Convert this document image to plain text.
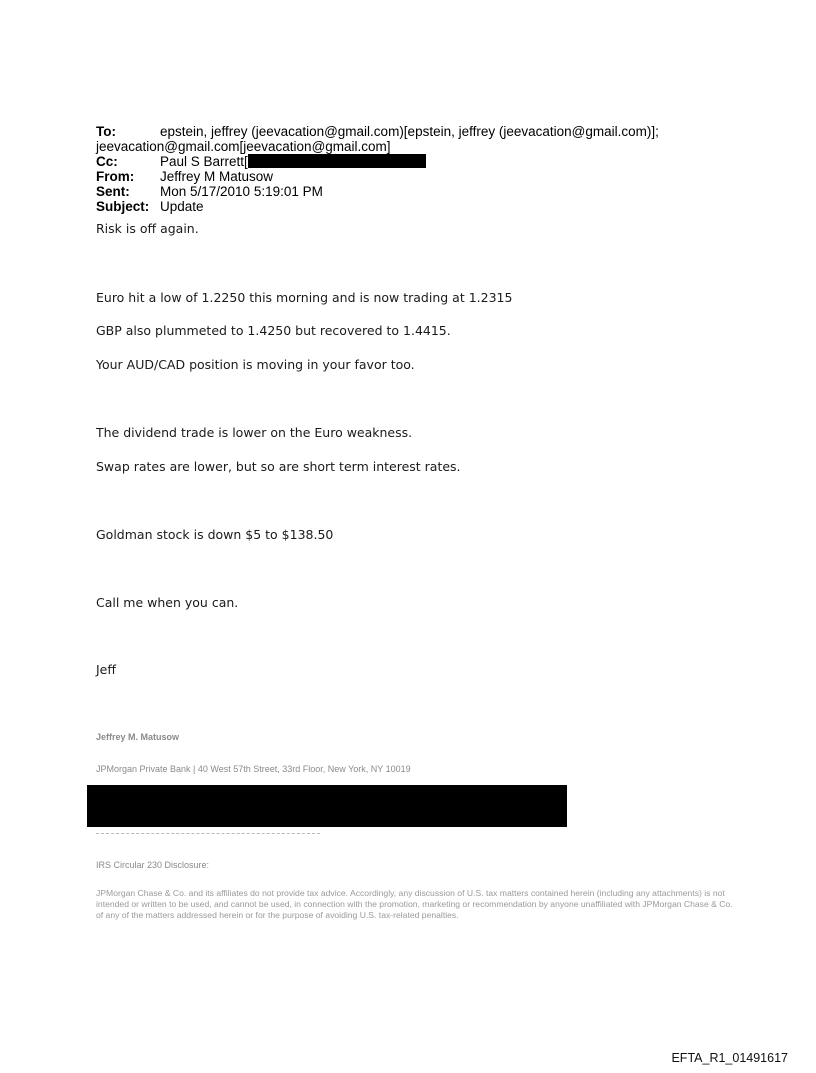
To:	epstein, jeffrey (jeevacation@gmail.com)[epstein, jeffrey (jeevacation@gmail.com)];
jeevacation@gmail.com[jeevacation@gmail.com]
Cc:	Paul S Barrett[
From:	Jeffrey M Matusow
Sent:	Mon 5/17/2010 5:19:01 PM
Subject: Update
Risk is off again.
Euro hit a low of 1.2250 this morning and is now trading at 1.2315
GBP also plummeted to 1.4250 but recovered to 1.4415.
Your AUD/CAD position is moving in your favor too.
The dividend trade is lower on the Euro weakness.
Swap rates are lower, but so are short term interest rates.
Goldman stock is down $5 to $138.50
Call me when you can.
Jeff
Jeffrey M. Matusow
JPMorgan Private Bank | 40 West 57th Street, 33rd Floor, New York, NY 10019
IRS Circular 230 Disclosure:
JPMorgan Chase & Co. and its affiliates do not provide tax advice. Accordingly, any discussion of U.S. tax matters contained herein (including any attachments) is not intended or written to be used, and cannot be used, in connection with the promotion, marketing or recommendation by anyone unaffiliated with JPMorgan Chase & Co. of any of the matters addressed herein or for the purpose of avoiding U.S. tax-related penalties.
EFTA_R1_01491617
